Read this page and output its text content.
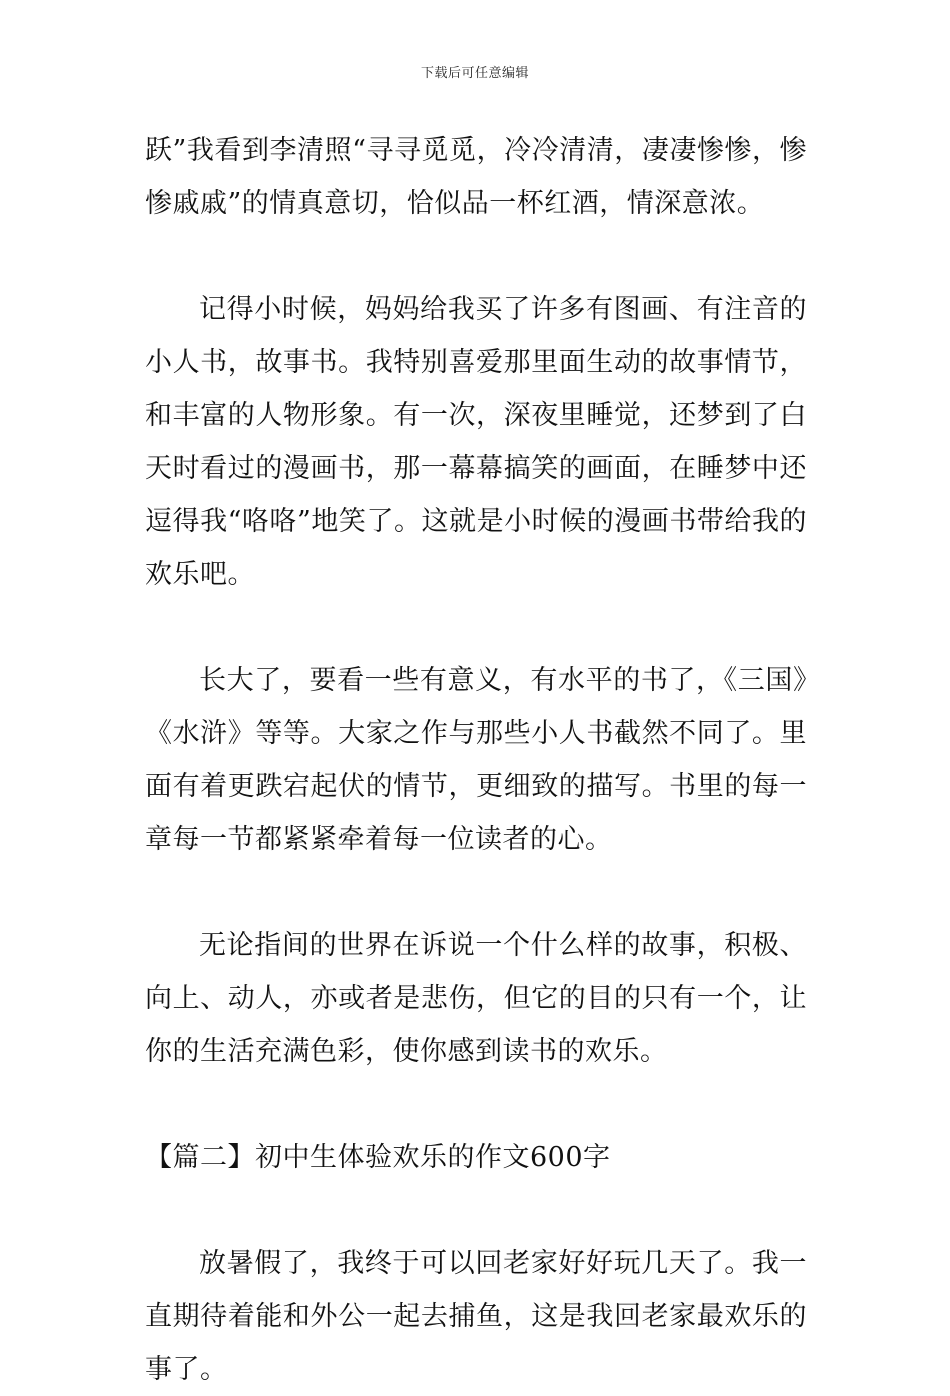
下载后可任意编辑

跃”我看到李清照“寻寻觅觅，冷冷清清，凄凄惨惨，惨惨戚戚”的情真意切，恰似品一杯红酒，情深意浓。

记得小时候，妈妈给我买了许多有图画、有注音的小人书，故事书。我特别喜爱那里面生动的故事情节，和丰富的人物形象。有一次，深夜里睡觉，还梦到了白天时看过的漫画书，那一幕幕搞笑的画面，在睡梦中还逗得我“咯咯”地笑了。这就是小时候的漫画书带给我的欢乐吧。

长大了，要看一些有意义，有水平的书了，《三国》《水浒》等等。大家之作与那些小人书截然不同了。里面有着更跌宕起伏的情节，更细致的描写。书里的每一章每一节都紧紧牵着每一位读者的心。

无论指间的世界在诉说一个什么样的故事，积极、向上、动人，亦或者是悲伤，但它的目的只有一个，让你的生活充满色彩，使你感到读书的欢乐。

【篇二】初中生体验欢乐的作文600字

放暑假了，我终于可以回老家好好玩几天了。我一直期待着能和外公一起去捕鱼，这是我回老家最欢乐的事了。
